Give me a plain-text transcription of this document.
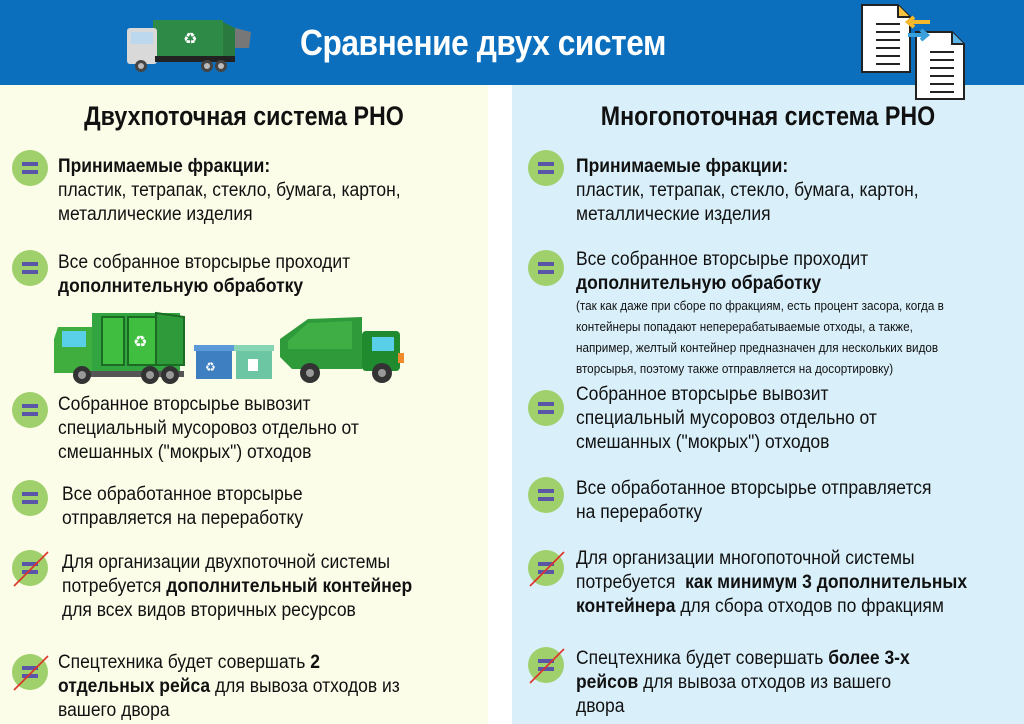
♻	Сравнение двух систем
Двухпоточная система РНО
Принимаемые фракции:
пластик, тетрапак, стекло, бумага, картон,
металлические изделия
Все собранное вторсырье проходит
дополнительную обработку
♻
♻
Собранное вторсырье вывозит
специальный мусоровоз отдельно от
смешанных ("мокрых") отходов
Все обработанное вторсырье
отправляется на переработку
Для организации двухпоточной системы
потребуется дополнительный контейнер
для всех видов вторичных ресурсов
Спецтехника будет совершать 2
отдельных рейса для вывоза отходов из
вашего двора
Многопоточная система РНО
Принимаемые фракции:
пластик, тетрапак, стекло, бумага, картон,
металлические изделия
Все собранное вторсырье проходит
дополнительную обработку
(так как даже при сборе по фракциям, есть процент засора, когда в
контейнеры попадают неперерабатываемые отходы, а также,
например, желтый контейнер предназначен для нескольких видов
вторсырья, поэтому также отправляется на досортировку)
Собранное вторсырье вывозит
специальный мусоровоз отдельно от
смешанных ("мокрых") отходов
Все обработанное вторсырье отправляется
на переработку
Для организации многопоточной системы
потребуется  как минимум 3 дополнительных
контейнера для сбора отходов по фракциям
Спецтехника будет совершать более 3-х
рейсов для вывоза отходов из вашего
двора
